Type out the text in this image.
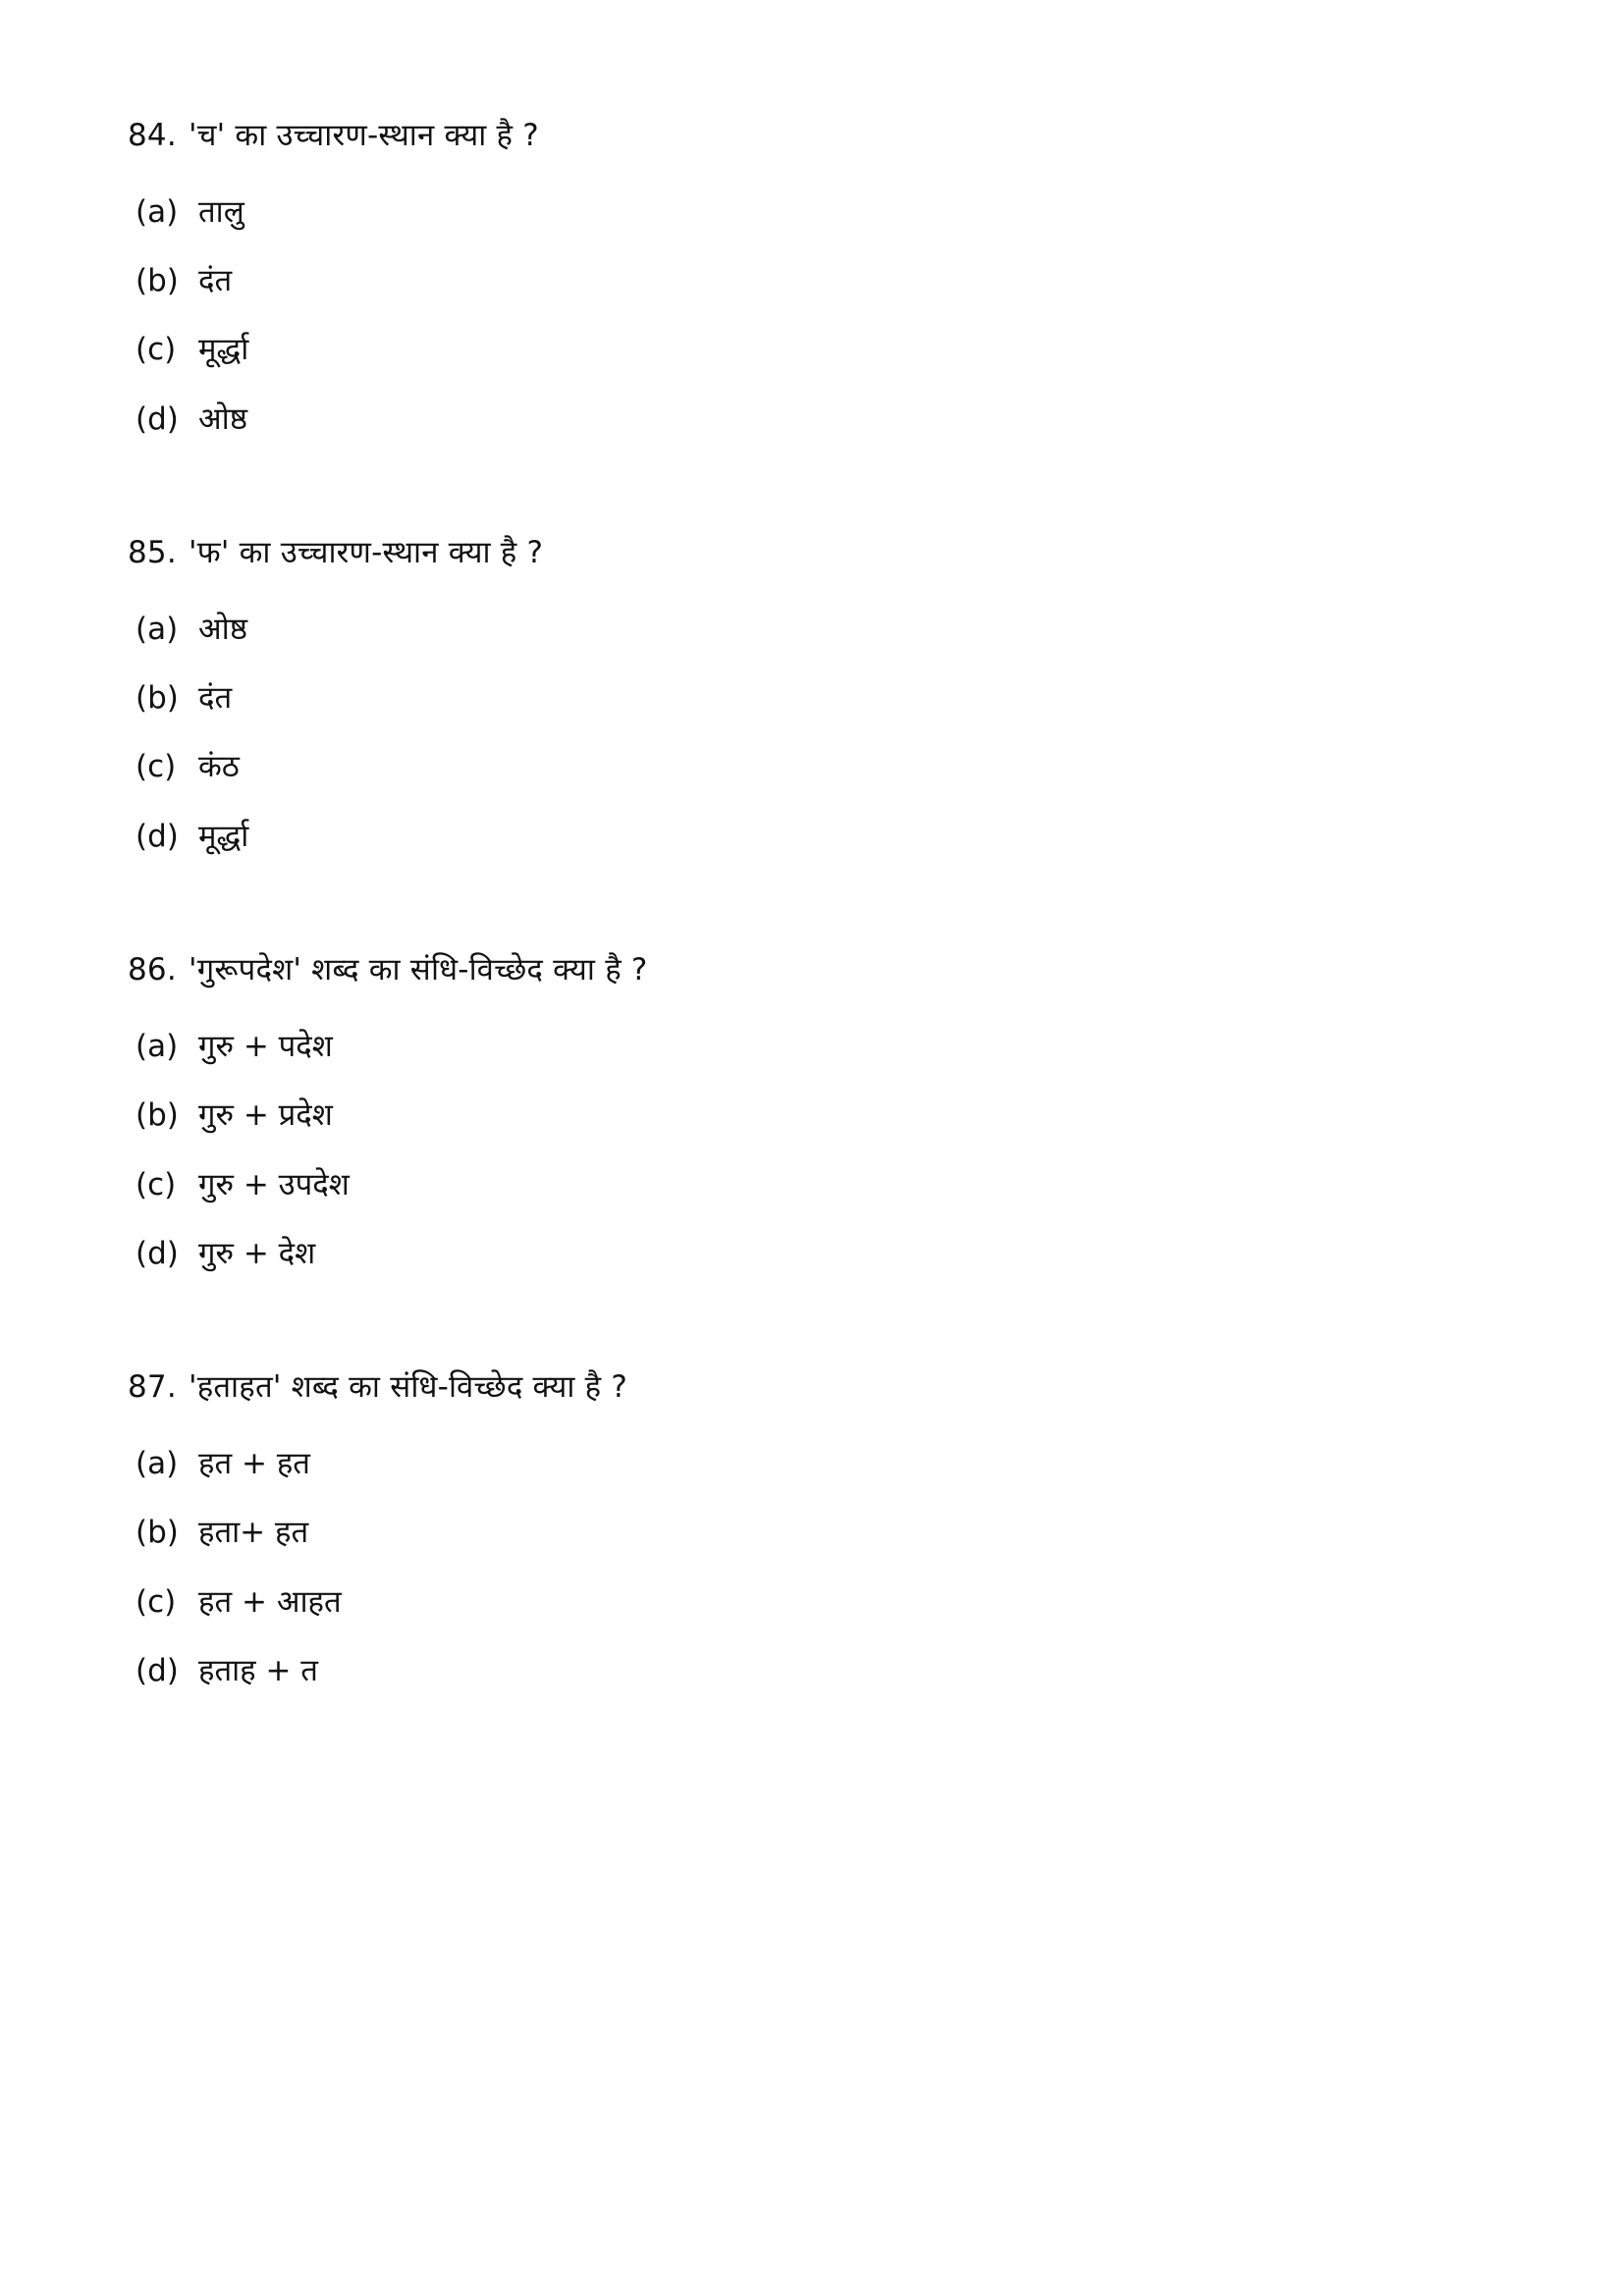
84. 'च' का उच्चारण-स्थान क्या है ?
(a) तालु
(b) दंत
(c) मूर्द्धा
(d) ओष्ठ
85. 'फ' का उच्चारण-स्थान क्या है ?
(a) ओष्ठ
(b) दंत
(c) कंठ
(d) मूर्द्धा
86. 'गुरूपदेश' शब्द का संधि-विच्छेद क्या है ?
(a) गुरु + पदेश
(b) गुरु + प्रदेश
(c) गुरु + उपदेश
(d) गुरु + देश
87. 'हताहत' शब्द का संधि-विच्छेद क्या है ?
(a) हत + हत
(b) हता+ हत
(c) हत + आहत
(d) हताह + त
